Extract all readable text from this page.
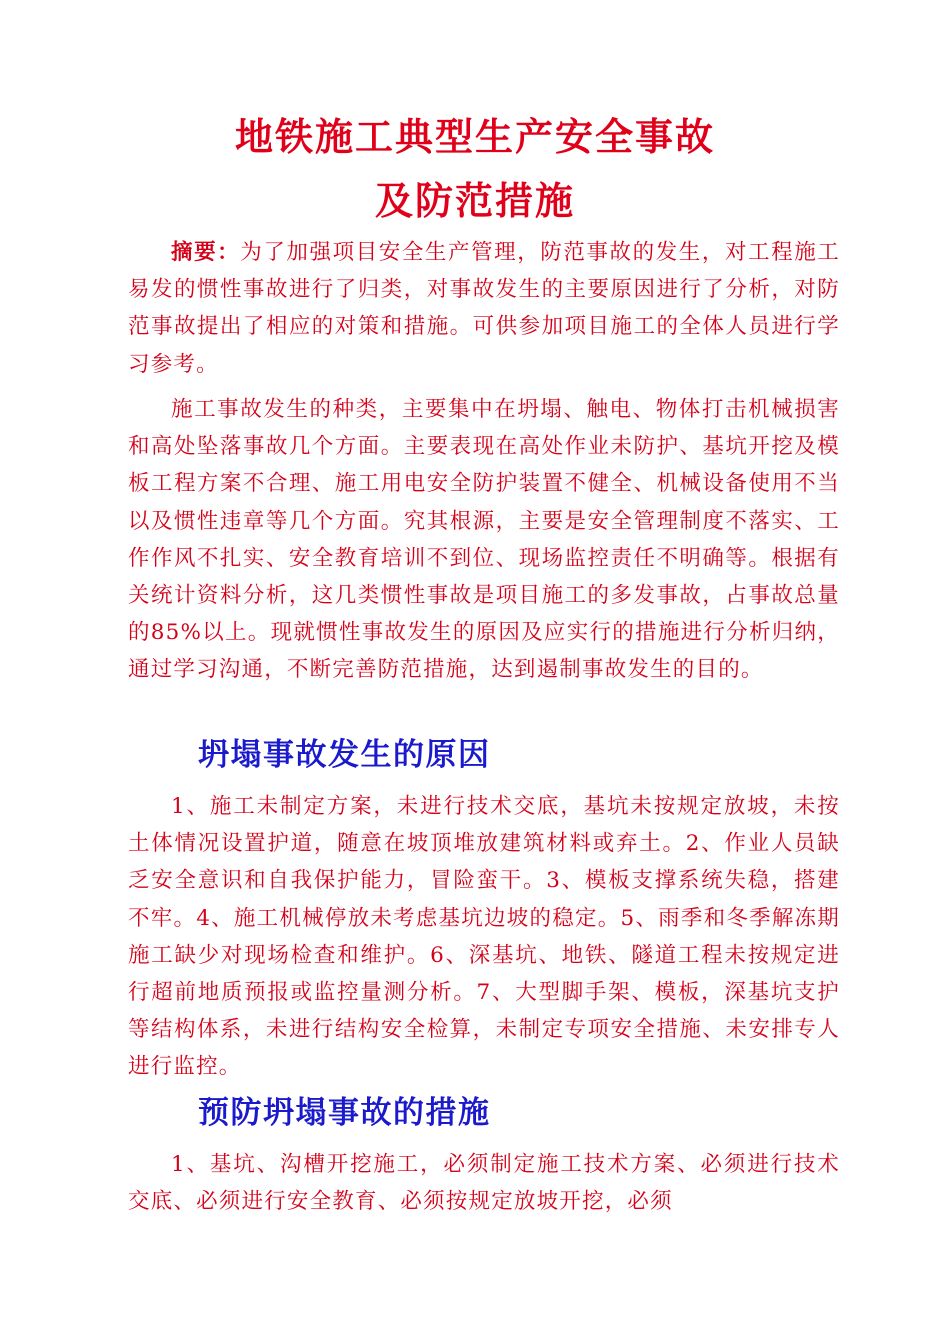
地铁施工典型生产安全事故
及防范措施

摘要：为了加强项目安全生产管理，防范事故的发生，对工程施工易发的惯性事故进行了归类，对事故发生的主要原因进行了分析，对防范事故提出了相应的对策和措施。可供参加项目施工的全体人员进行学习参考。

施工事故发生的种类，主要集中在坍塌、触电、物体打击机械损害和高处坠落事故几个方面。主要表现在高处作业未防护、基坑开挖及模板工程方案不合理、施工用电安全防护装置不健全、机械设备使用不当以及惯性违章等几个方面。究其根源，主要是安全管理制度不落实、工作作风不扎实、安全教育培训不到位、现场监控责任不明确等。根据有关统计资料分析，这几类惯性事故是项目施工的多发事故，占事故总量的85%以上。现就惯性事故发生的原因及应实行的措施进行分析归纳，通过学习沟通，不断完善防范措施，达到遏制事故发生的目的。

坍塌事故发生的原因

1、施工未制定方案，未进行技术交底，基坑未按规定放坡，未按土体情况设置护道，随意在坡顶堆放建筑材料或弃土。2、作业人员缺乏安全意识和自我保护能力，冒险蛮干。3、模板支撑系统失稳，搭建不牢。4、施工机械停放未考虑基坑边坡的稳定。5、雨季和冬季解冻期施工缺少对现场检查和维护。6、深基坑、地铁、隧道工程未按规定进行超前地质预报或监控量测分析。7、大型脚手架、模板，深基坑支护等结构体系，未进行结构安全检算，未制定专项安全措施、未安排专人进行监控。

预防坍塌事故的措施

1、基坑、沟槽开挖施工，必须制定施工技术方案、必须进行技术交底、必须进行安全教育、必须按规定放坡开挖，必须
